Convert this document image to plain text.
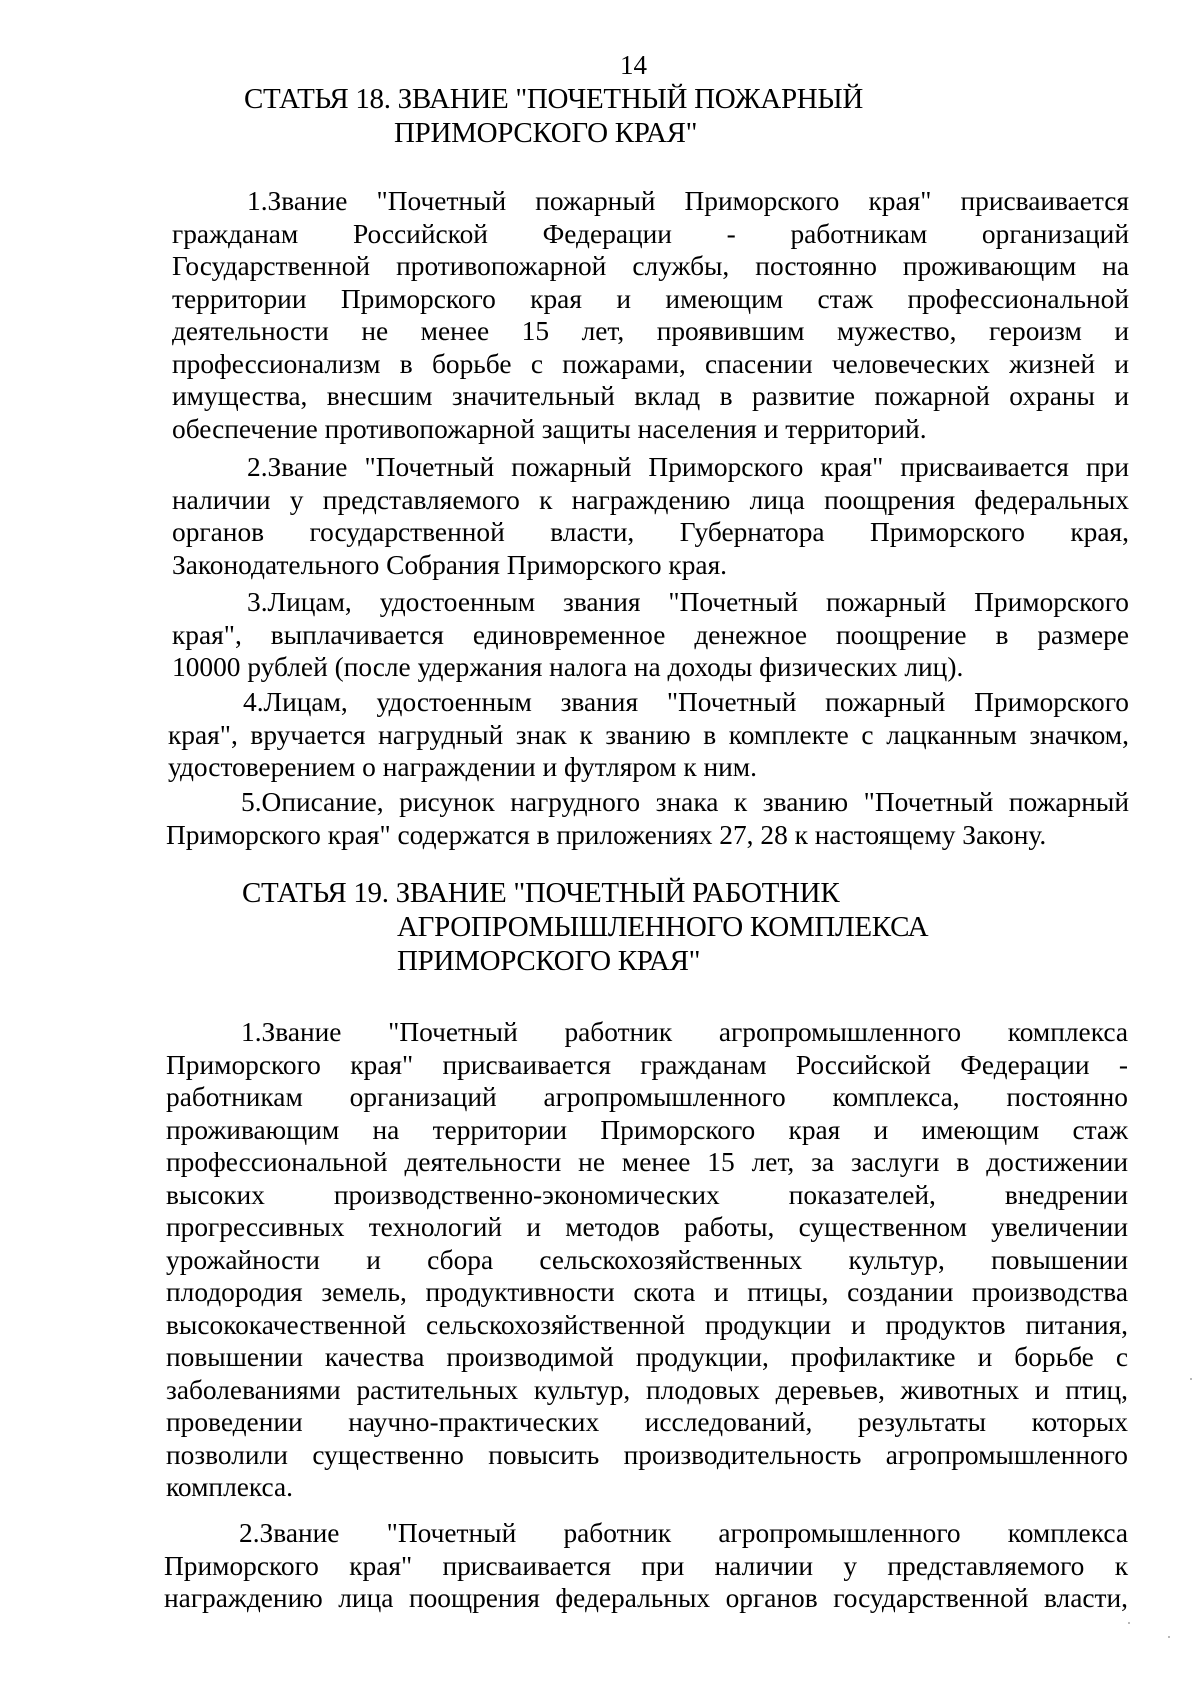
14
СТАТЬЯ 18. ЗВАНИЕ "ПОЧЕТНЫЙ ПОЖАРНЫЙ
ПРИМОРСКОГО КРАЯ"
1.Звание "Почетный пожарный Приморского края" присваивается
гражданам Российской Федерации - работникам организаций
Государственной противопожарной службы, постоянно проживающим на
территории Приморского края и имеющим стаж профессиональной
деятельности не менее 15 лет, проявившим мужество, героизм и
профессионализм в борьбе с пожарами, спасении человеческих жизней и
имущества, внесшим значительный вклад в развитие пожарной охраны и
обеспечение противопожарной защиты населения и территорий.
2.Звание "Почетный пожарный Приморского края" присваивается при
наличии у представляемого к награждению лица поощрения федеральных
органов государственной власти, Губернатора Приморского края,
Законодательного Собрания Приморского края.
3.Лицам, удостоенным звания "Почетный пожарный Приморского
края", выплачивается единовременное денежное поощрение в размере
10000 рублей (после удержания налога на доходы физических лиц).
4.Лицам, удостоенным звания "Почетный пожарный Приморского
края", вручается нагрудный знак к званию в комплекте с лацканным значком,
удостоверением о награждении и футляром к ним.
5.Описание, рисунок нагрудного знака к званию "Почетный пожарный
Приморского края" содержатся в приложениях 27, 28 к настоящему Закону.
СТАТЬЯ 19. ЗВАНИЕ "ПОЧЕТНЫЙ РАБОТНИК
АГРОПРОМЫШЛЕННОГО КОМПЛЕКСА
ПРИМОРСКОГО КРАЯ"
1.Звание "Почетный работник агропромышленного комплекса
Приморского края" присваивается гражданам Российской Федерации -
работникам организаций агропромышленного комплекса, постоянно
проживающим на территории Приморского края и имеющим стаж
профессиональной деятельности не менее 15 лет, за заслуги в достижении
высоких производственно-экономических показателей, внедрении
прогрессивных технологий и методов работы, существенном увеличении
урожайности и сбора сельскохозяйственных культур, повышении
плодородия земель, продуктивности скота и птицы, создании производства
высококачественной сельскохозяйственной продукции и продуктов питания,
повышении качества производимой продукции, профилактике и борьбе с
заболеваниями растительных культур, плодовых деревьев, животных и птиц,
проведении научно-практических исследований, результаты которых
позволили существенно повысить производительность агропромышленного
комплекса.
2.Звание "Почетный работник агропромышленного комплекса
Приморского края" присваивается при наличии у представляемого к
награждению лица поощрения федеральных органов государственной власти,
